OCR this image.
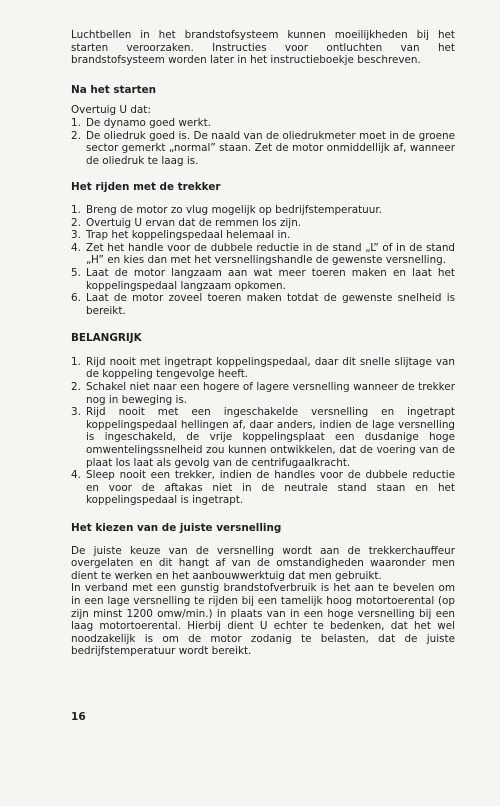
Luchtbellen in het brandstofsysteem kunnen moeilijkheden bij het starten veroorzaken. Instructies voor ontluchten van het brandstofsysteem worden later in het instructieboekje beschreven.

Na het starten

Overtuig U dat:

1. De dynamo goed werkt.
2. De oliedruk goed is. De naald van de oliedrukmeter moet in de groene sector gemerkt „normal” staan. Zet de motor onmiddellijk af, wanneer de oliedruk te laag is.
Het rijden met de trekker
1. Breng de motor zo vlug mogelijk op bedrijfstemperatuur.
2. Overtuig U ervan dat de remmen los zijn.
3. Trap het koppelingspedaal helemaal in.
4. Zet het handle voor de dubbele reductie in de stand „L” of in de stand „H” en kies dan met het versnellingshandle de gewenste versnelling.
5. Laat de motor langzaam aan wat meer toeren maken en laat het koppelingspedaal langzaam opkomen.
6. Laat de motor zoveel toeren maken totdat de gewenste snelheid is bereikt.
BELANGRIJK
1. Rijd nooit met ingetrapt koppelingspedaal, daar dit snelle slijtage van de koppeling tengevolge heeft.
2. Schakel niet naar een hogere of lagere versnelling wanneer de trekker nog in beweging is.
3. Rijd nooit met een ingeschakelde versnelling en ingetrapt koppelingspedaal hellingen af, daar anders, indien de lage versnelling is ingeschakeld, de vrije koppelingsplaat een dusdanige hoge omwentelingssnelheid zou kunnen ontwikkelen, dat de voering van de plaat los laat als gevolg van de centrifugaalkracht.
4. Sleep nooit een trekker, indien de handles voor de dubbele reductie en voor de aftakas niet in de neutrale stand staan en het koppelingspedaal is ingetrapt.
Het kiezen van de juiste versnelling

De juiste keuze van de versnelling wordt aan de trekkerchauffeur overgelaten en dit hangt af van de omstandigheden waaronder men dient te werken en het aanbouwwerktuig dat men gebruikt.

In verband met een gunstig brandstofverbruik is het aan te bevelen om in een lage versnelling te rijden bij een tamelijk hoog motortoerental (op zijn minst 1200 omw/min.) in plaats van in een hoge versnelling bij een laag motortoerental. Hierbij dient U echter te bedenken, dat het wel noodzakelijk is om de motor zodanig te belasten, dat de juiste bedrijfstemperatuur wordt bereikt.

16
